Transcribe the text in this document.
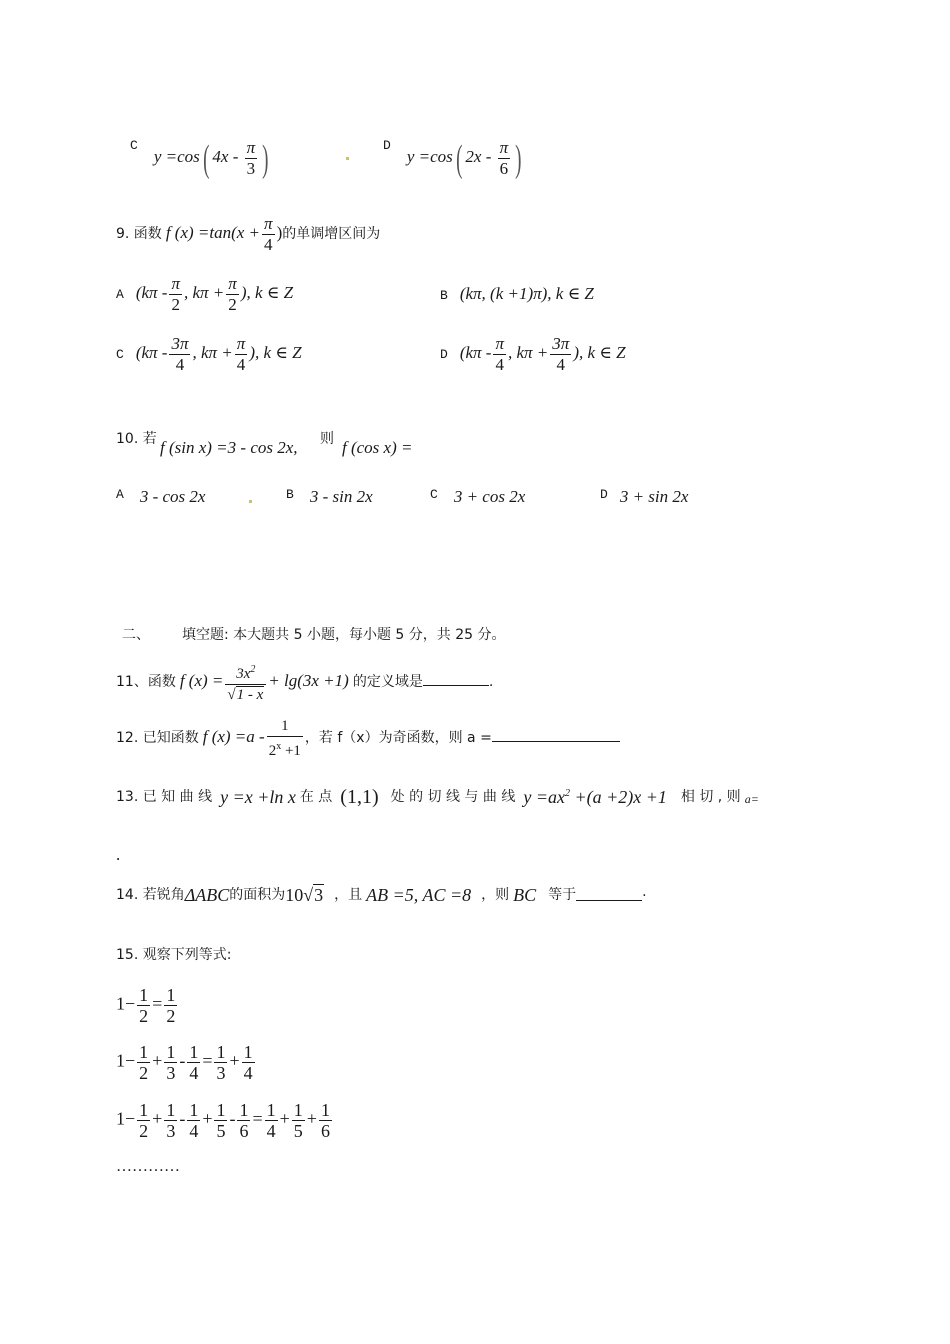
$^C$ y =cos( $4x - \frac{\pi}{3}$ )	$^D$ y =cos( $2x - \frac{\pi}{6}$ )
9. 函数 f $(x) =\tan(x + \frac{\pi}{4}$ )的单调增区间为
A ($k\pi - \frac{\pi}{2}$ , $k\pi + \frac{\pi}{2}$ ), k ∈ Z	B (kπ, (k +1)π), k ∈ Z
C ($k\pi - \frac{3\pi}{4}$ , $k\pi + \frac{\pi}{4}$ ), k ∈ Z	D ($k\pi - \frac{\pi}{4}$ , $k\pi + \frac{3\pi}{4}$ ), k ∈ Z
10. 若 f (sin x) =3 - cos 2x, 则 f (cos x) =
$^A$ 3 - cos 2x	$^B$ 3 - sin 2x	$^C$ 3 + cos 2x	$^D$ 3 + sin 2x
二、 填空题: 本大题共 5 小题，每小题 5 分，共 25 分。
11、函数 f $(x) = \frac{3x^2}{√1 - x} + \lg(3x +1)$ 的定义域是	.
12. 已知函数 f $(x) =a - \frac{1}{2^x +1}$ ，若 f（x）为奇函数，则 a =
13. 已 知 曲 线 y =x +ln x 在 点 (1,1) 处 的 切 线 与 曲 线 $y =ax^2 +(a +2)x +1$ 相 切 , 则 a=
.
14. 若锐角ΔABC的面积为10√3 ，且 AB =5, AC =8 ，则 BC 等于	.
15. 观察下列等式:
$1- \frac{1}{2} = \frac{1}{2}$
$1- \frac{1}{2} + \frac{1}{3} - \frac{1}{4} = \frac{1}{3} + \frac{1}{4}$
$1- \frac{1}{2} + \frac{1}{3} - \frac{1}{4} + \frac{1}{5} - \frac{1}{6} = \frac{1}{4} + \frac{1}{5} + \frac{1}{6}$
…………
